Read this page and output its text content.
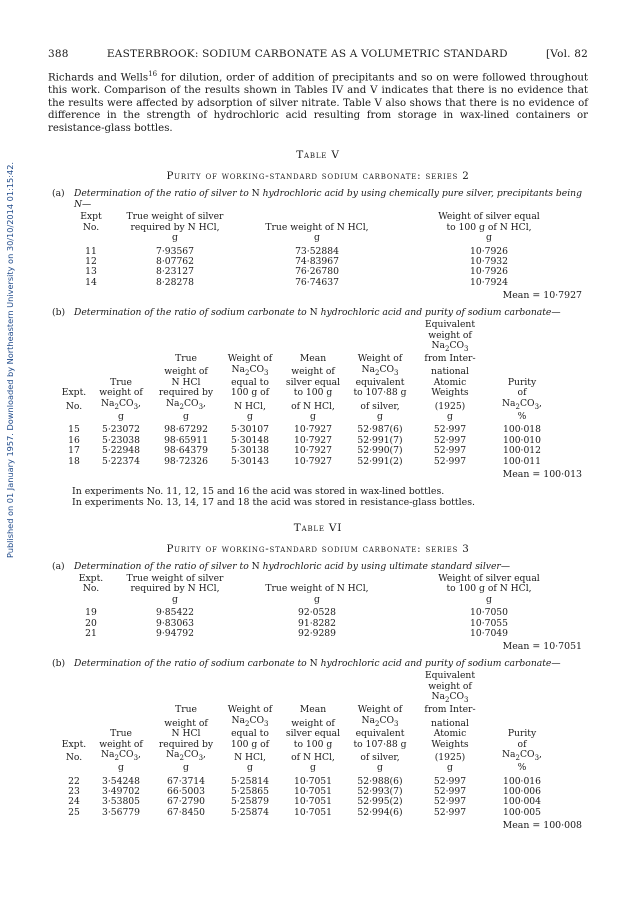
Published on 01 January 1957. Downloaded by Northeastern University on 30/10/2014 01:15:42.
388	EASTERBROOK: SODIUM CARBONATE AS A VOLUMETRIC STANDARD	[Vol. 82

Richards and Wells$^{16}$ for dilution, order of addition of precipitants and so on were followed throughout this work. Comparison of the results shown in Tables IV and V indicates that there is no evidence that the results were affected by adsorption of silver nitrate. Table V also shows that there is no evidence of difference in the strength of hydrochloric acid resulting from storage in wax-lined containers or resistance-glass bottles.

Table V
Purity of working-standard sodium carbonate: series 2
(a)	Determination of the ratio of silver to N hydrochloric acid by using chemically pure silver, precipitants being N—
Expt	True weight of silver		Weight of silver equal
No.	required by N HCl,	True weight of N HCl,	to 100 g of N HCl,
	g	g	g
11	7·93567	73·52884	10·7926
12	8·07762	74·83967	10·7932
13	8·23127	76·26780	10·7926
14	8·28278	76·74637	10·7924
Mean = 10·7927
(b) Determination of the ratio of sodium carbonate to N hydrochloric acid and purity of sodium carbonate—
						Equivalent	
						weight of	
						$Na_2CO_3$	
		True	Weight of	Mean	Weight of	from Inter-	
		weight of	$Na_2CO_3$	weight of	$Na_2CO_3$	national	
	True	N HCl	equal to	silver equal	equivalent	Atomic	Purity
Expt.	weight of	required by	100 g of	to 100 g	to 107·88 g	Weights	of
No.	$Na_2CO_3$,	$Na_2CO_3$,	N HCl,	of N HCl,	of silver,	(1925)	$Na_2CO_3$,
	g	g	g	g	g	g	%
15	5·23072	98·67292	5·30107	10·7927	52·987(6)	52·997	100·018
16	5·23038	98·65911	5·30148	10·7927	52·991(7)	52·997	100·010
17	5·22948	98·64379	5·30138	10·7927	52·990(7)	52·997	100·012
18	5·22374	98·72326	5·30143	10·7927	52·991(2)	52·997	100·011
Mean = 100·013
In experiments No. 11, 12, 15 and 16 the acid was stored in wax-lined bottles.
In experiments No. 13, 14, 17 and 18 the acid was stored in resistance-glass bottles.
Table VI
Purity of working-standard sodium carbonate: series 3
(a)	Determination of the ratio of silver to N hydrochloric acid by using ultimate standard silver—
Expt.	True weight of silver		Weight of silver equal
No.	required by N HCl,	True weight of N HCl,	to 100 g of N HCl,
	g	g	g
19	9·85422	92·0528	10·7050
20	9·83063	91·8282	10·7055
21	9·94792	92·9289	10·7049
Mean = 10·7051
(b) Determination of the ratio of sodium carbonate to N hydrochloric acid and purity of sodium carbonate—
						Equivalent	
						weight of	
						$Na_2CO_3$	
		True	Weight of	Mean	Weight of	from Inter-	
		weight of	$Na_2CO_3$	weight of	$Na_2CO_3$	national	
	True	N HCl	equal to	silver equal	equivalent	Atomic	Purity
Expt.	weight of	required by	100 g of	to 100 g	to 107·88 g	Weights	of
No.	$Na_2CO_3$,	$Na_2CO_3$,	N HCl,	of N HCl,	of silver,	(1925)	$Na_2CO_3$,
	g	g	g	g	g	g	%
22	3·54248	67·3714	5·25814	10·7051	52·988(6)	52·997	100·016
23	3·49702	66·5003	5·25865	10·7051	52·993(7)	52·997	100·006
24	3·53805	67·2790	5·25879	10·7051	52·995(2)	52·997	100·004
25	3·56779	67·8450	5·25874	10·7051	52·994(6)	52·997	100·005
Mean = 100·008
